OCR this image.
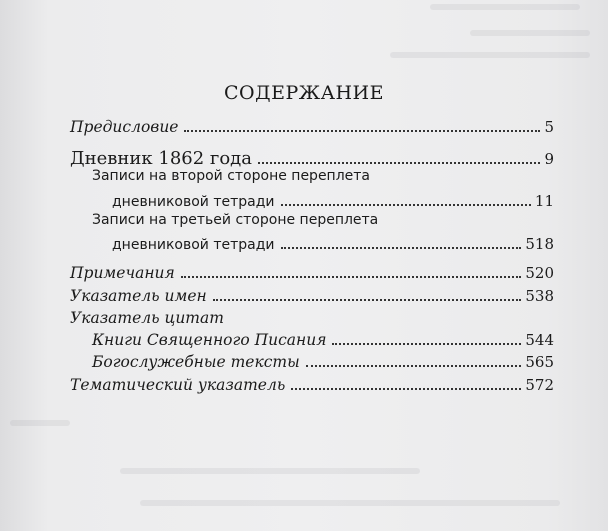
СОДЕРЖАНИЕ
Предисловие	5
Дневник 1862 года	9
Записи на второй стороне переплета
дневниковой тетради	11
Записи на третьей стороне переплета
дневниковой тетради	518
Примечания	520
Указатель имен	538
Указатель цитат
Книги Священного Писания	544
Богослужебные тексты	565
Тематический указатель	572
